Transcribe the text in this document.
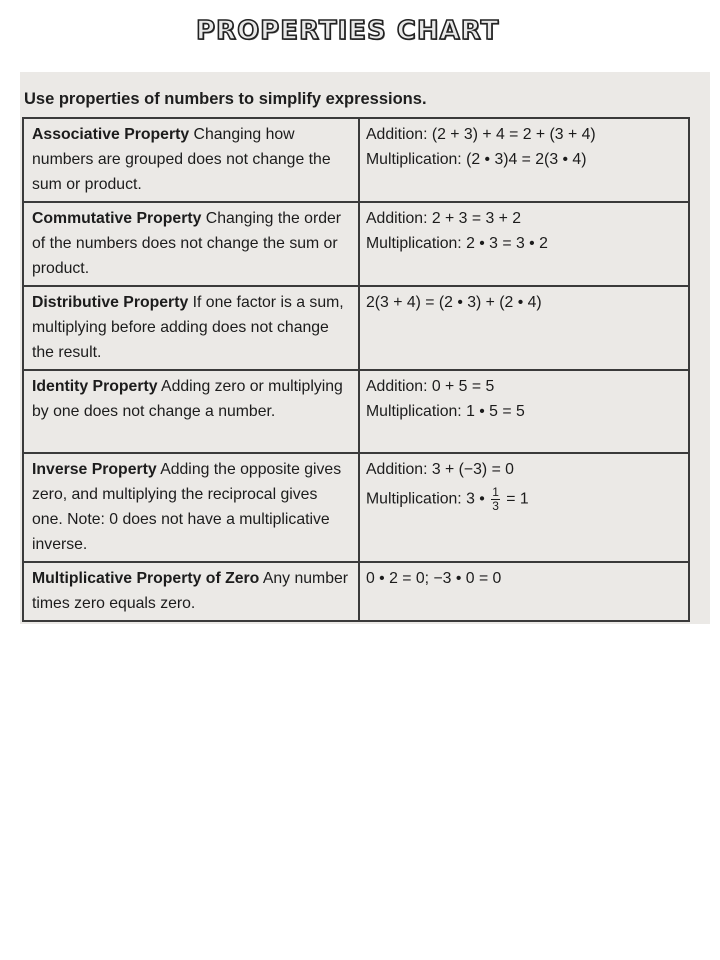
PROPERTIES CHART
Use properties of numbers to simplify expressions.
Associative Property Changing how numbers are grouped does not change the sum or product.	Addition: (2 + 3) + 4 = 2 + (3 + 4)
Multiplication: (2 • 3)4 = 2(3 • 4)

Commutative Property Changing the order of the numbers does not change the sum or product.	Addition: 2 + 3 = 3 + 2
Multiplication: 2 • 3 = 3 • 2

Distributive Property If one factor is a sum, multiplying before adding does not change the result.	2(3 + 4) = (2 • 3) + (2 • 4)

Identity Property Adding zero or multiplying by one does not change a number.	Addition: 0 + 5 = 5
Multiplication: 1 • 5 = 5

Inverse Property Adding the opposite gives zero, and multiplying the reciprocal gives one. Note: 0 does not have a multiplicative inverse.	Addition: 3 + (−3) = 0
Multiplication: 3 • $\frac{1}{3} = 1$

Multiplicative Property of Zero Any number times zero equals zero.	0 • 2 = 0; −3 • 0 = 0
